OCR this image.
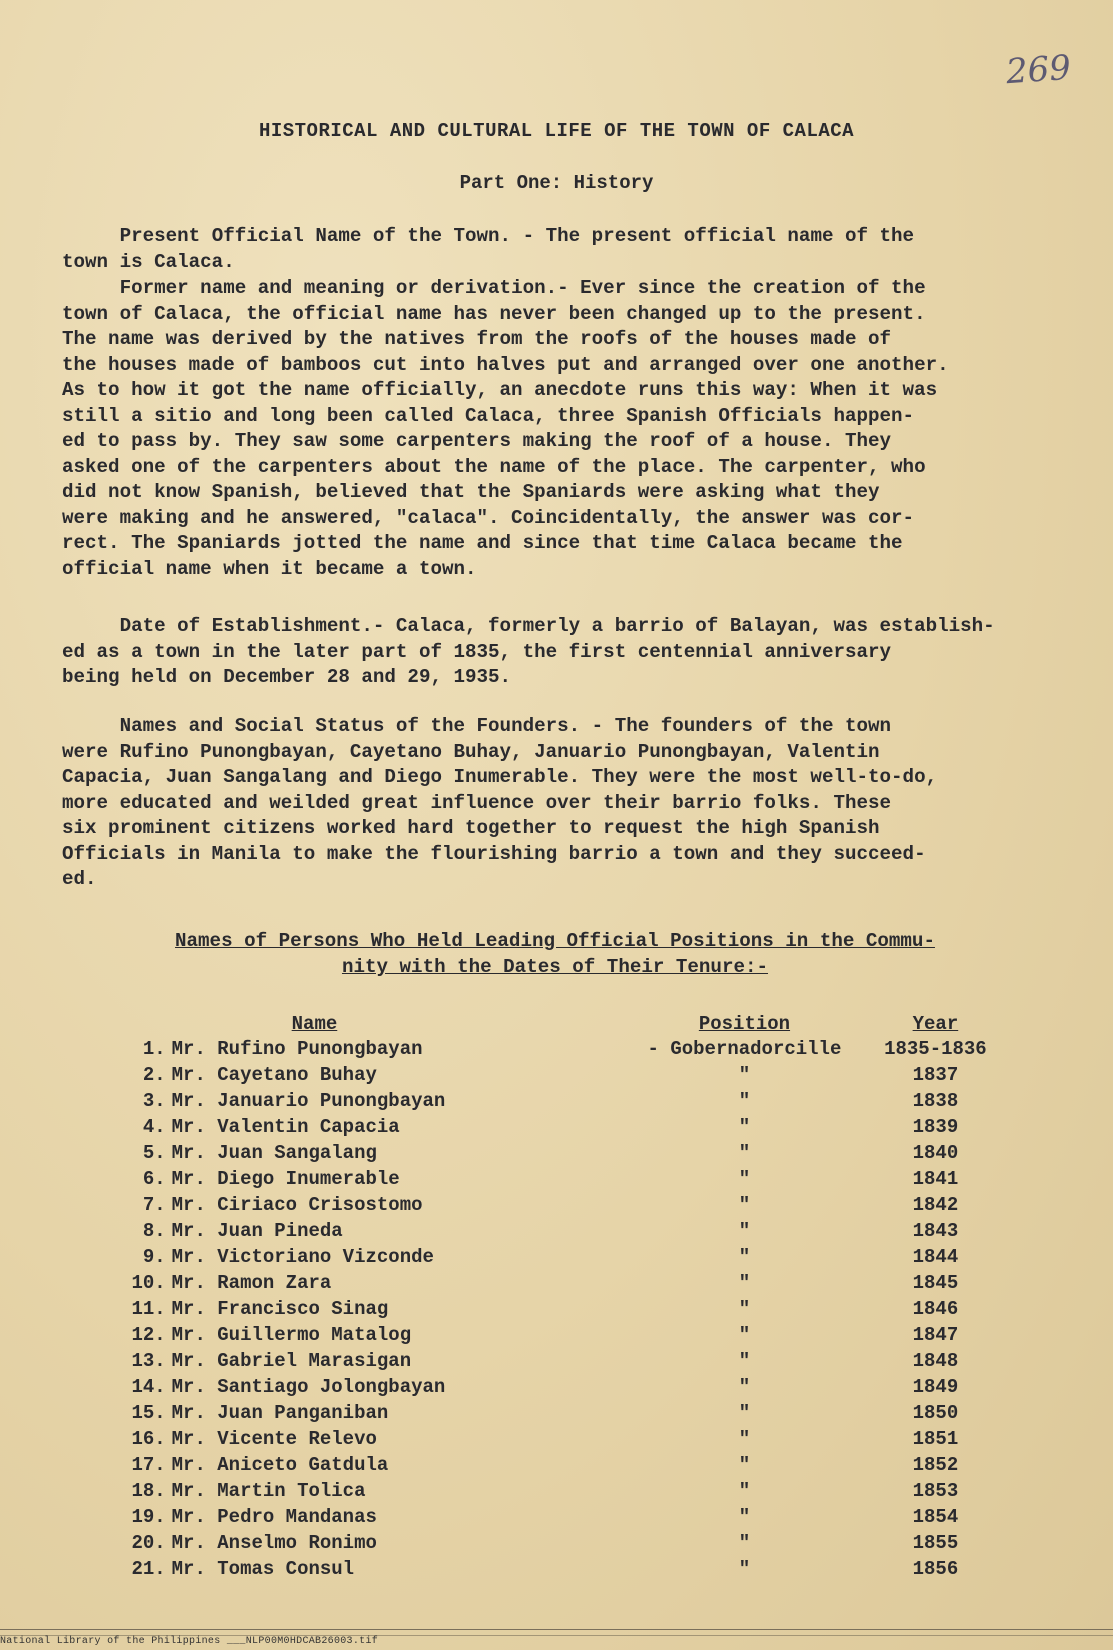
269
HISTORICAL AND CULTURAL LIFE OF THE TOWN OF CALACA
Part One: History

Present Official Name of the Town. - The present official name of the
town is Calaca.

Former name and meaning or derivation.- Ever since the creation of the
town of Calaca, the official name has never been changed up to the present.
The name was derived by the natives from the roofs of the houses made of
the houses made of bamboos cut into halves put and arranged over one another.
As to how it got the name officially, an anecdote runs this way: When it was
still a sitio and long been called Calaca, three Spanish Officials happen-
ed to pass by. They saw some carpenters making the roof of a house. They
asked one of the carpenters about the name of the place. The carpenter, who
did not know Spanish, believed that the Spaniards were asking what they
were making and he answered, "calaca". Coincidentally, the answer was cor-
rect. The Spaniards jotted the name and since that time Calaca became the
official name when it became a town.

Date of Establishment.- Calaca, formerly a barrio of Balayan, was establish-
ed as a town in the later part of 1835, the first centennial anniversary
being held on December 28 and 29, 1935.

Names and Social Status of the Founders. - The founders of the town
were Rufino Punongbayan, Cayetano Buhay, Januario Punongbayan, Valentin
Capacia, Juan Sangalang and Diego Inumerable. They were the most well-to-do,
more educated and weilded great influence over their barrio folks. These
six prominent citizens worked hard together to request the high Spanish
Officials in Manila to make the flourishing barrio a town and they succeed-
ed.

Names of Persons Who Held Leading Official Positions in the Commu-
nity with the Dates of Their Tenure:-

	Name	Position	Year
1.	Mr. Rufino Punongbayan	- Gobernadorcille	1835-1836
2.	Mr. Cayetano Buhay	"	1837
3.	Mr. Januario Punongbayan	"	1838
4.	Mr. Valentin Capacia	"	1839
5.	Mr. Juan Sangalang	"	1840
6.	Mr. Diego Inumerable	"	1841
7.	Mr. Ciriaco Crisostomo	"	1842
8.	Mr. Juan Pineda	"	1843
9.	Mr. Victoriano Vizconde	"	1844
10.	Mr. Ramon Zara	"	1845
11.	Mr. Francisco Sinag	"	1846
12.	Mr. Guillermo Matalog	"	1847
13.	Mr. Gabriel Marasigan	"	1848
14.	Mr. Santiago Jolongbayan	"	1849
15.	Mr. Juan Panganiban	"	1850
16.	Mr. Vicente Relevo	"	1851
17.	Mr. Aniceto Gatdula	"	1852
18.	Mr. Martin Tolica	"	1853
19.	Mr. Pedro Mandanas	"	1854
20.	Mr. Anselmo Ronimo	"	1855
21.	Mr. Tomas Consul	"	1856
National Library of the Philippines ___NLP00M0HDCAB26003.tif
